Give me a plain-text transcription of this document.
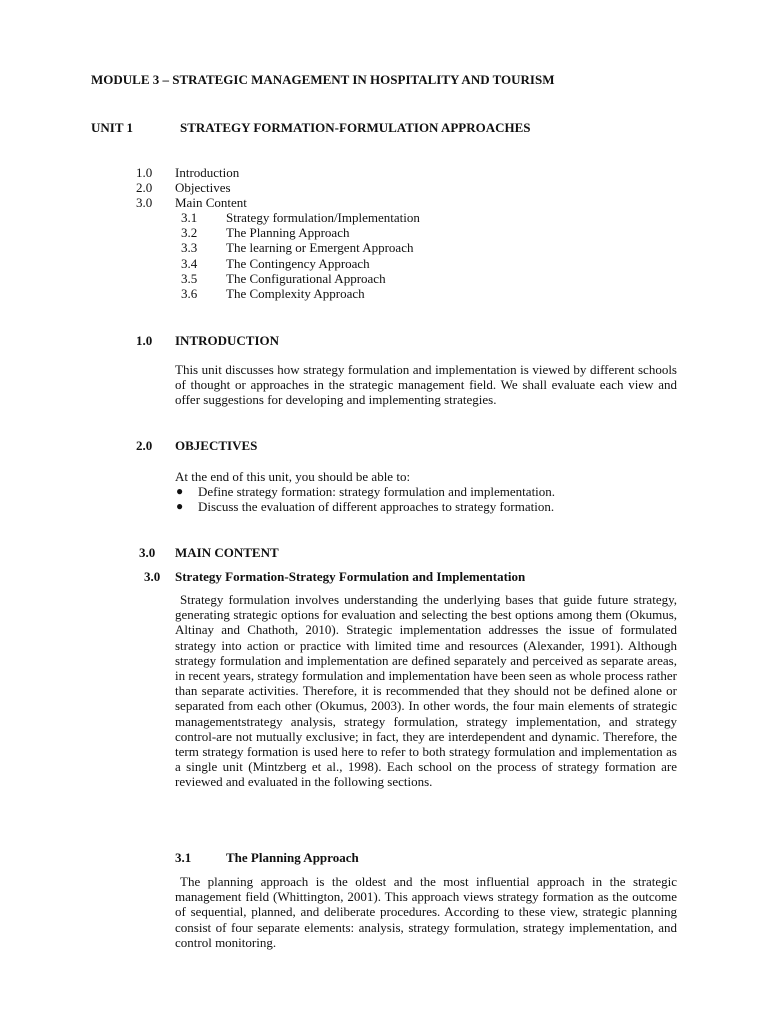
MODULE 3 – STRATEGIC MANAGEMENT IN HOSPITALITY AND TOURISM
UNIT 1	STRATEGY FORMATION-FORMULATION APPROACHES
1.0 Introduction
2.0 Objectives
3.0 Main Content
3.1 Strategy formulation/Implementation
3.2 The Planning Approach
3.3 The learning or Emergent Approach
3.4 The Contingency Approach
3.5 The Configurational Approach
3.6 The Complexity Approach
1.0 INTRODUCTION

This unit discusses how strategy formulation and implementation is viewed by different schools of thought or approaches in the strategic management field. We shall evaluate each view and offer suggestions for developing and implementing strategies.

2.0 OBJECTIVES
At the end of this unit, you should be able to:
● Define strategy formation: strategy formulation and implementation.
● Discuss the evaluation of different approaches to strategy formation.
3.0 MAIN CONTENT
3.0 Strategy Formation-Strategy Formulation and Implementation

Strategy formulation involves understanding the underlying bases that guide future strategy, generating strategic options for evaluation and selecting the best options among them (Okumus, Altinay and Chathoth, 2010). Strategic implementation addresses the issue of formulated strategy into action or practice with limited time and resources (Alexander, 1991). Although strategy formulation and implementation are defined separately and perceived as separate areas, in recent years, strategy formulation and implementation have been seen as whole process rather than separate activities. Therefore, it is recommended that they should not be defined alone or separated from each other (Okumus, 2003). In other words, the four main elements of strategic managementstrategy analysis, strategy formulation, strategy implementation, and strategy control-are not mutually exclusive; in fact, they are interdependent and dynamic. Therefore, the term strategy formation is used here to refer to both strategy formulation and implementation as a single unit (Mintzberg et al., 1998). Each school on the process of strategy formation are reviewed and evaluated in the following sections.

3.1	The Planning Approach

The planning approach is the oldest and the most influential approach in the strategic management field (Whittington, 2001). This approach views strategy formation as the outcome of sequential, planned, and deliberate procedures. According to these view, strategic planning consist of four separate elements: analysis, strategy formulation, strategy implementation, and control monitoring.
